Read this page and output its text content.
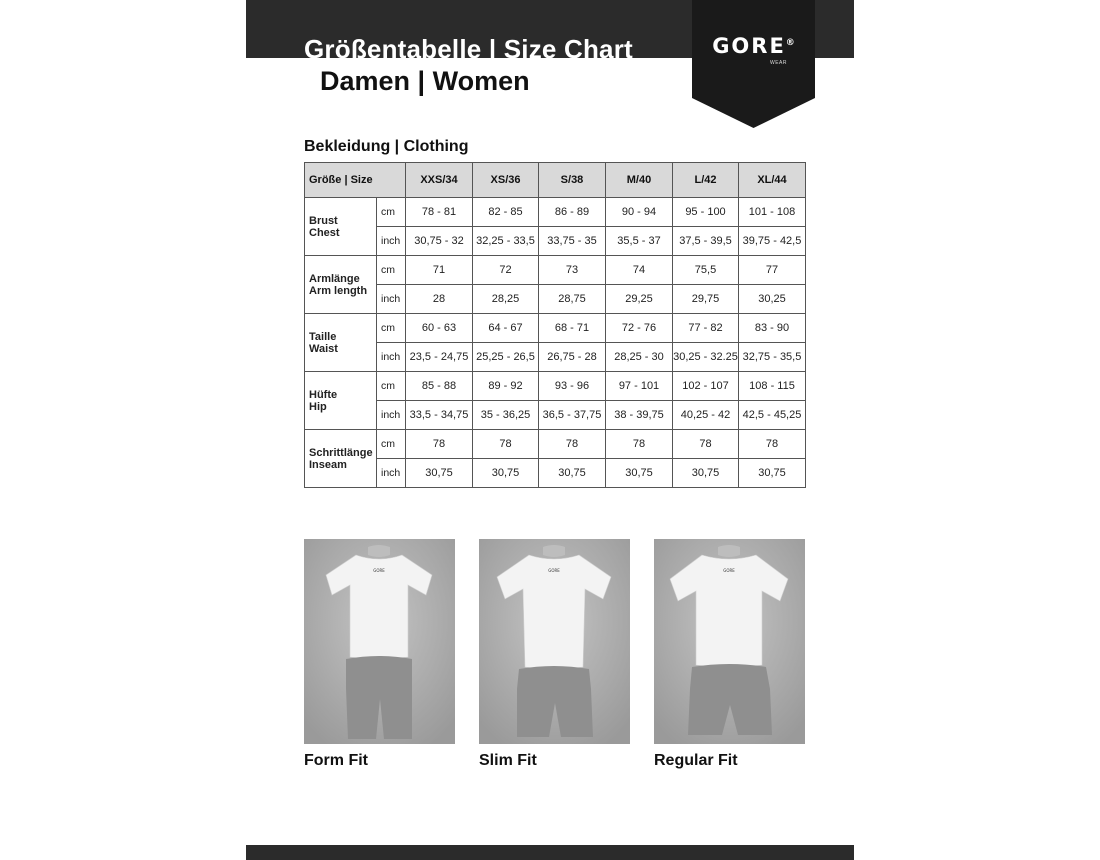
Größentabelle | Size Chart
Damen | Women
GORE®
WEAR
Bekleidung | Clothing
Größe | Size		XXS/34	XS/36	S/38	M/40	L/42	XL/44

Brust
Chest	cm	78 - 81	82 - 85	86 - 89	90 - 94	95 - 100	101 - 108
	inch	30,75 - 32	32,25 - 33,5	33,75 - 35	35,5 - 37	37,5 - 39,5	39,75 - 42,5

Armlänge
Arm length	cm	71	72	73	74	75,5	77
	inch	28	28,25	28,75	29,25	29,75	30,25

Taille
Waist	cm	60 - 63	64 - 67	68 - 71	72 - 76	77 - 82	83 - 90
	inch	23,5 - 24,75	25,25 - 26,5	26,75 - 28	28,25 - 30	30,25 - 32.25	32,75 - 35,5

Hüfte
Hip	cm	85 - 88	89 - 92	93 - 96	97 - 101	102 - 107	108 - 115
	inch	33,5 - 34,75	35 - 36,25	36,5 - 37,75	38 - 39,75	40,25 - 42	42,5 - 45,25

Schrittlänge
Inseam	cm	78	78	78	78	78	78
	inch	30,75	30,75	30,75	30,75	30,75	30,75
GORE	GORE	GORE
Form Fit	Slim Fit	Regular Fit
